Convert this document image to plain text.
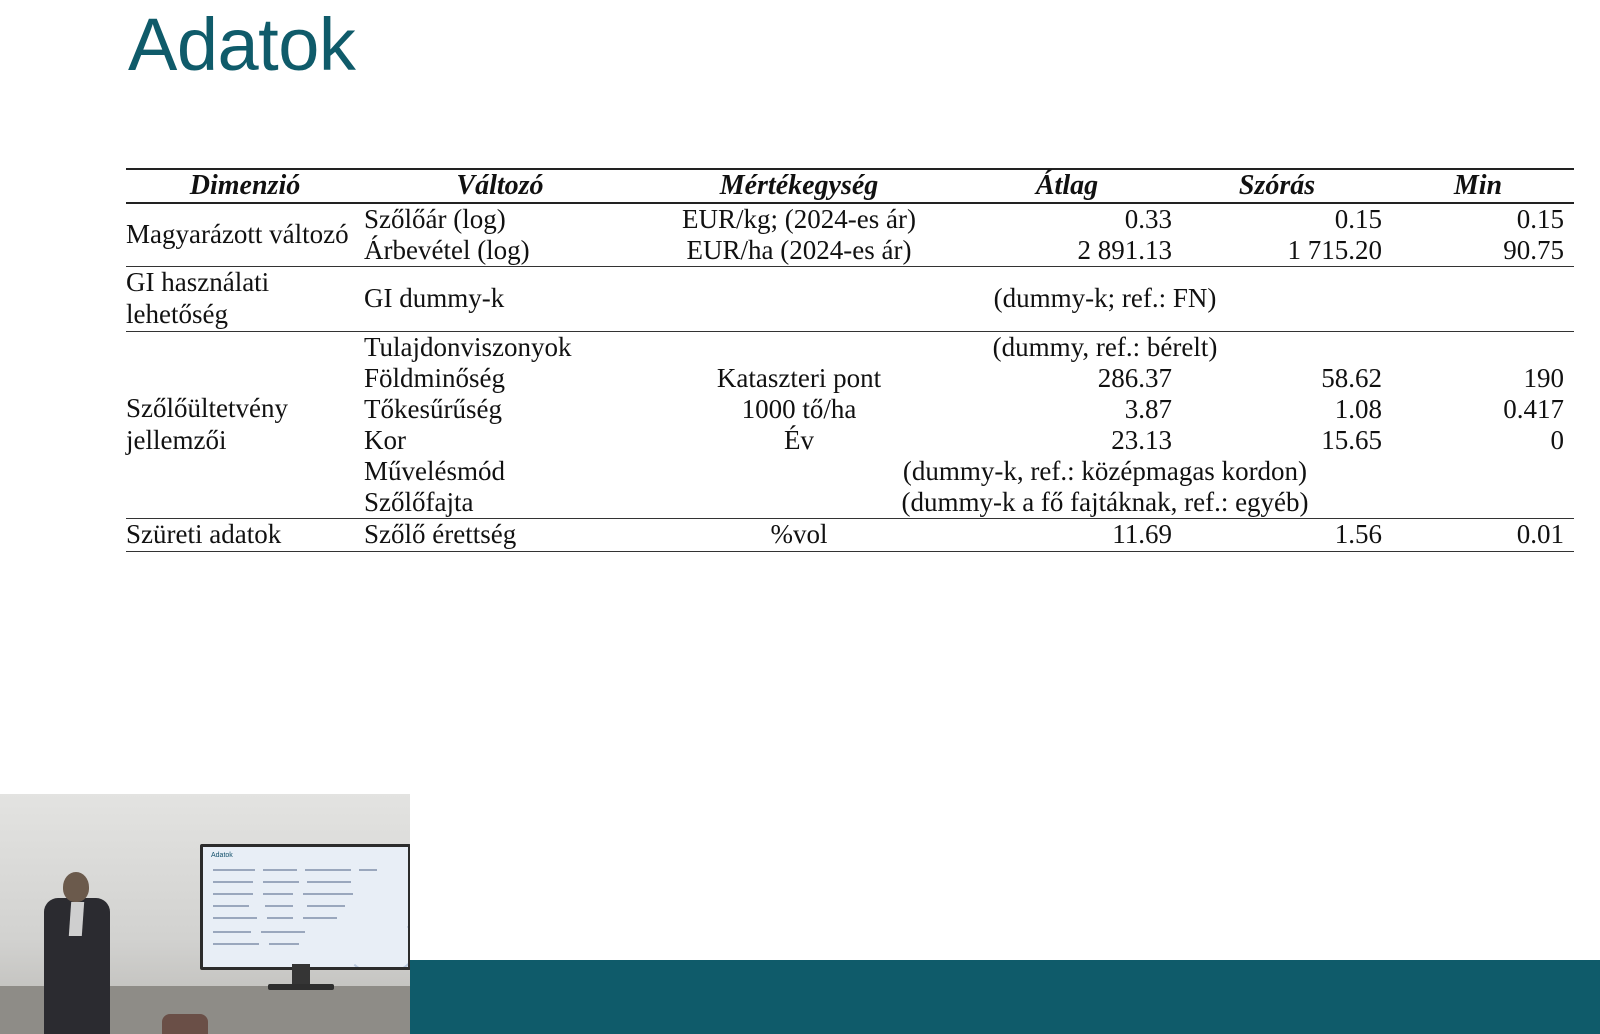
Adatok
Dimenzió	Változó	Mértékegység	Átlag	Szórás	Min
Magyarázott változó	Szőlőár (log)	EUR/kg; (2024-es ár)	0.33	0.15	0.15
	Árbevétel (log)	EUR/ha (2024-es ár)	2 891.13	1 715.20	90.75
GI használati lehetőség	GI dummy-k	(dummy-k; ref.: FN)			
Szőlőültetvény jellemzői	Tulajdonviszonyok	(dummy, ref.: bérelt)			
	Földminőség	Kataszteri pont	286.37	58.62	190
	Tőkesűrűség	1000 tő/ha	3.87	1.08	0.417
	Kor	Év	23.13	15.65	0
	Művelésmód	(dummy-k, ref.: középmagas kordon)			
	Szőlőfajta	(dummy-k a fő fajtáknak, ref.: egyéb)			
Szüreti adatok	Szőlő érettség	%vol	11.69	1.56	0.01
Adatok
